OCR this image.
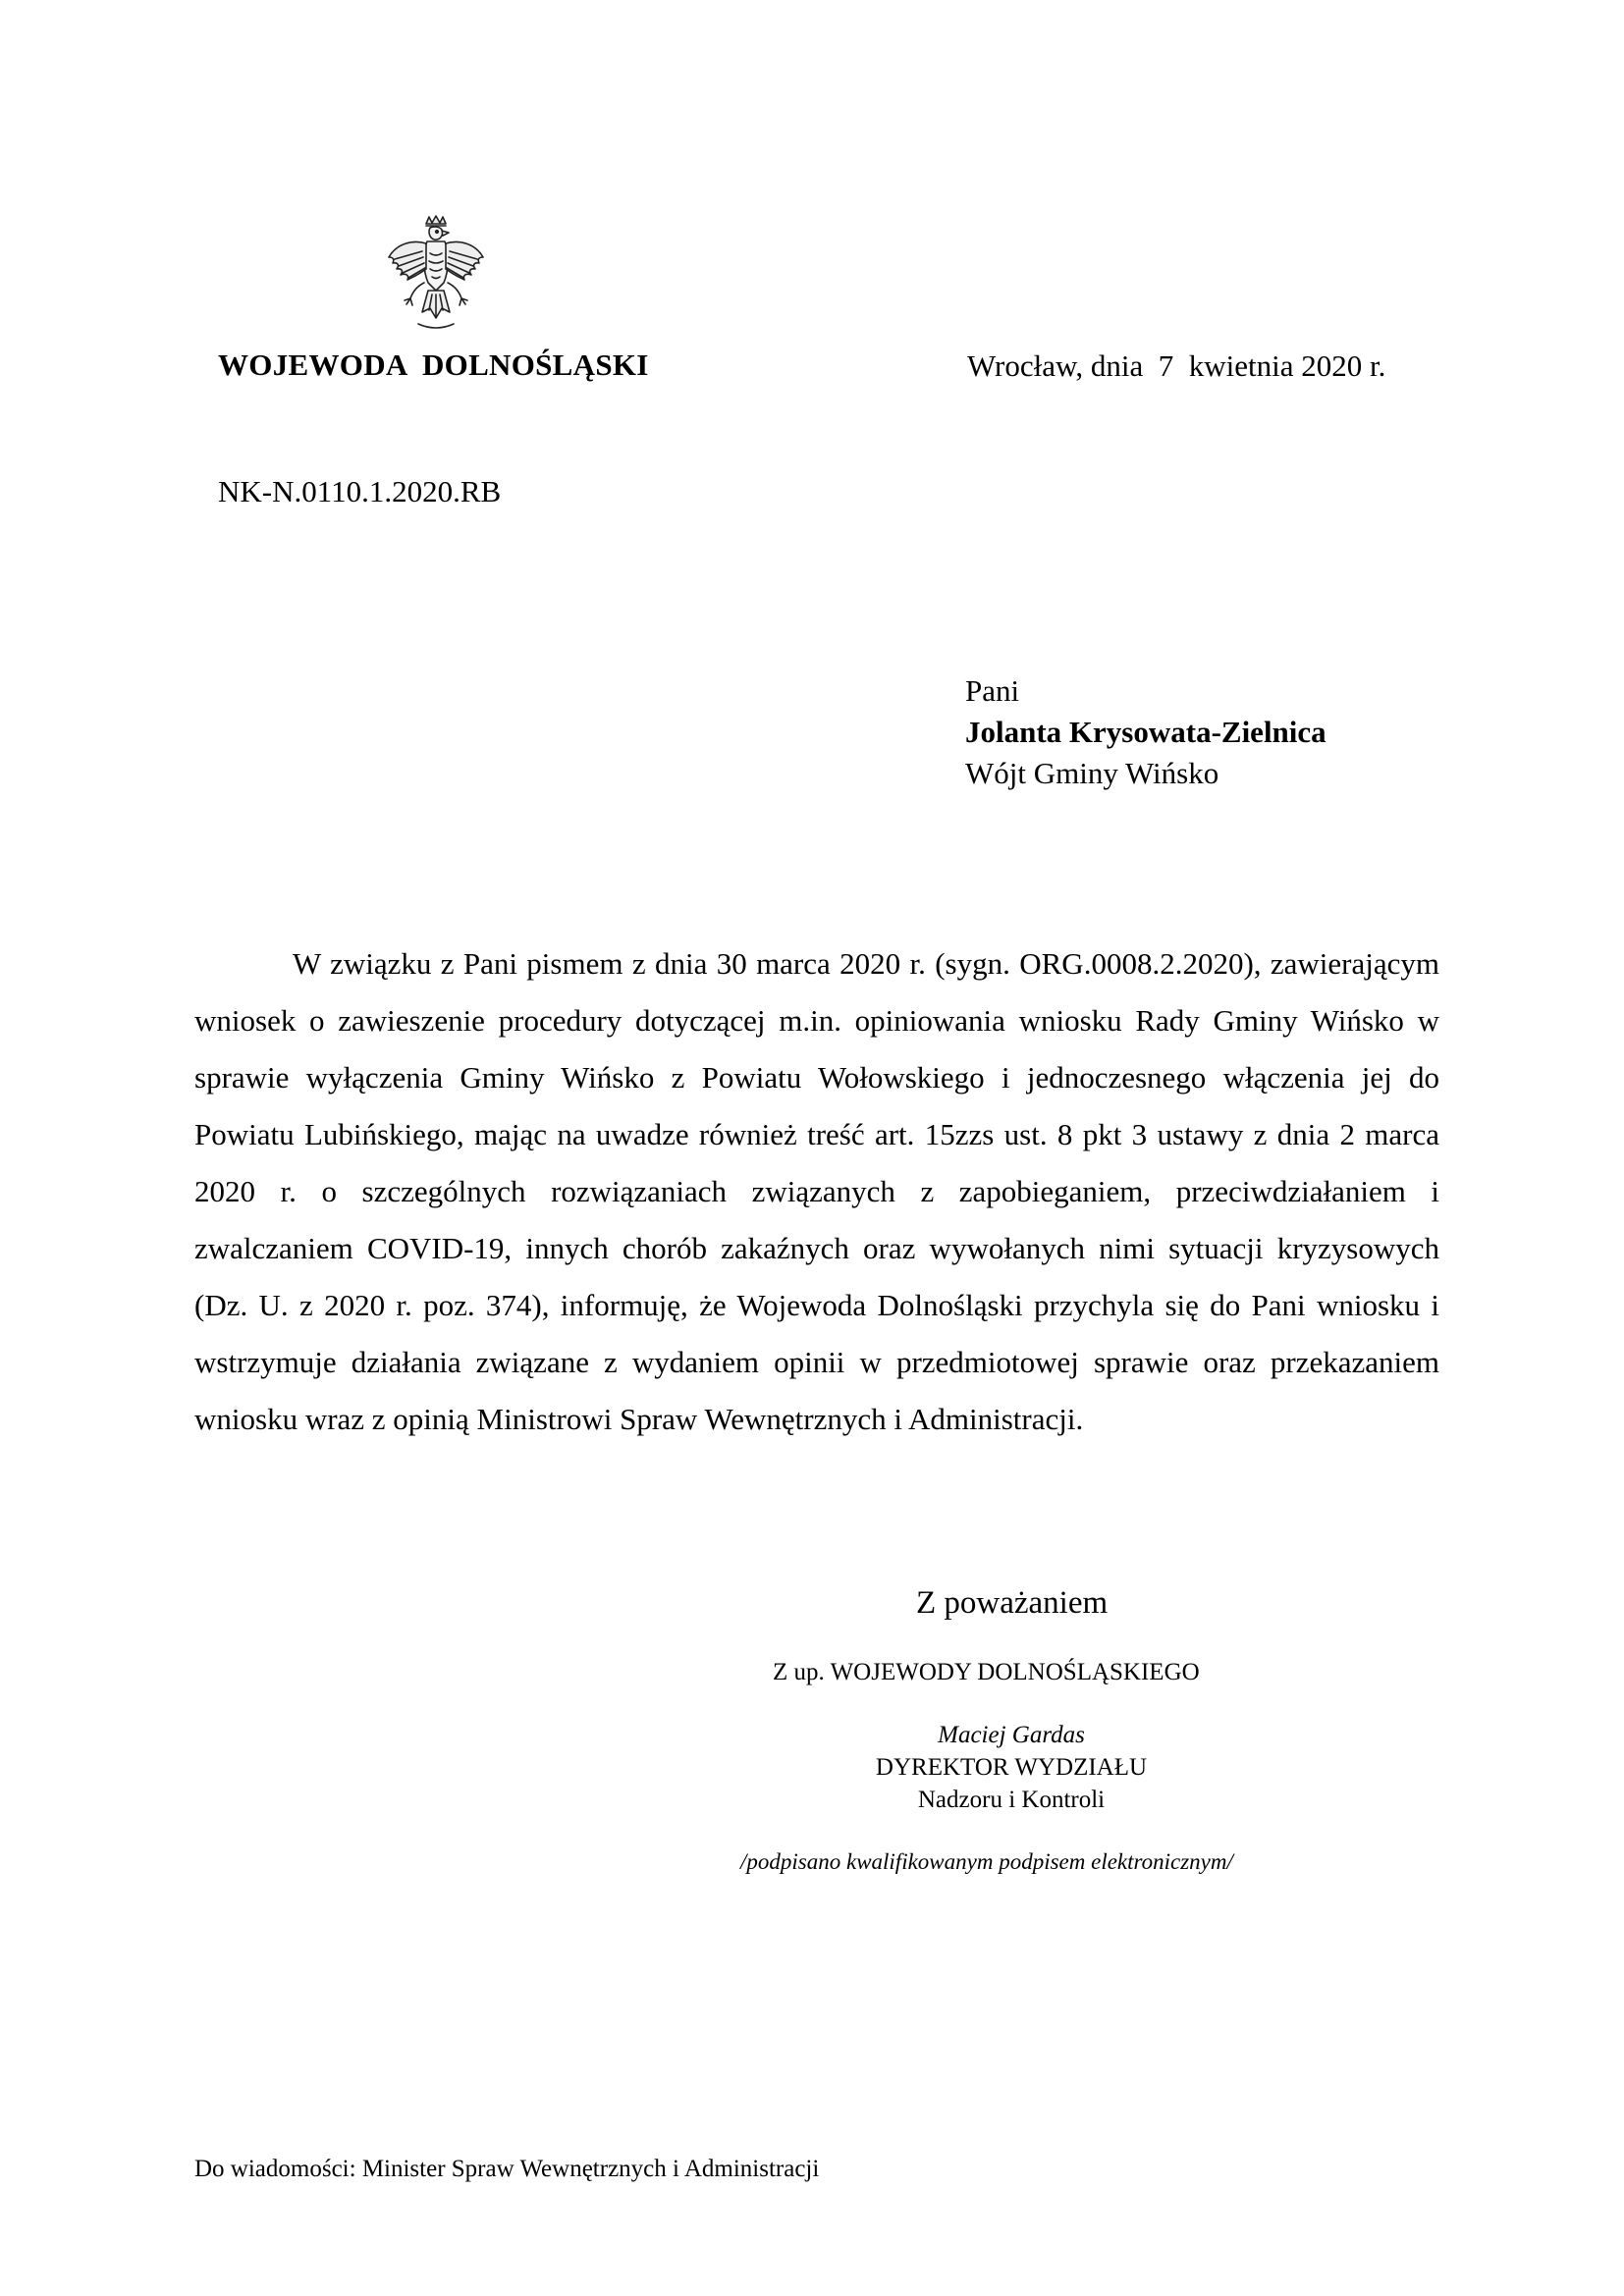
WOJEWODA  DOLNOŚLĄSKI	Wrocław, dnia  7  kwietnia 2020 r.
NK-N.0110.1.2020.RB
Pani
Jolanta Krysowata-Zielnica
Wójt Gminy Wińsko

W związku z Pani pismem z dnia 30 marca 2020 r. (sygn. ORG.0008.2.2020), zawierającym wniosek o zawieszenie procedury dotyczącej m.in. opiniowania wniosku Rady Gminy Wińsko w sprawie wyłączenia Gminy Wińsko z Powiatu Wołowskiego i jednoczesnego włączenia jej do Powiatu Lubińskiego, mając na uwadze również treść art. 15zzs ust. 8 pkt 3 ustawy z dnia 2 marca 2020 r. o szczególnych rozwiązaniach związanych z zapobieganiem, przeciwdziałaniem i zwalczaniem COVID-19, innych chorób zakaźnych oraz wywołanych nimi sytuacji kryzysowych (Dz. U. z 2020 r. poz. 374), informuję, że Wojewoda Dolnośląski przychyla się do Pani wniosku i wstrzymuje działania związane z wydaniem opinii w przedmiotowej sprawie oraz przekazaniem wniosku wraz z opinią Ministrowi Spraw Wewnętrznych i Administracji.

Z poważaniem
Z up. WOJEWODY DOLNOŚLĄSKIEGO
Maciej Gardas
DYREKTOR WYDZIAŁU
Nadzoru i Kontroli
/podpisano kwalifikowanym podpisem elektronicznym/
Do wiadomości: Minister Spraw Wewnętrznych i Administracji
